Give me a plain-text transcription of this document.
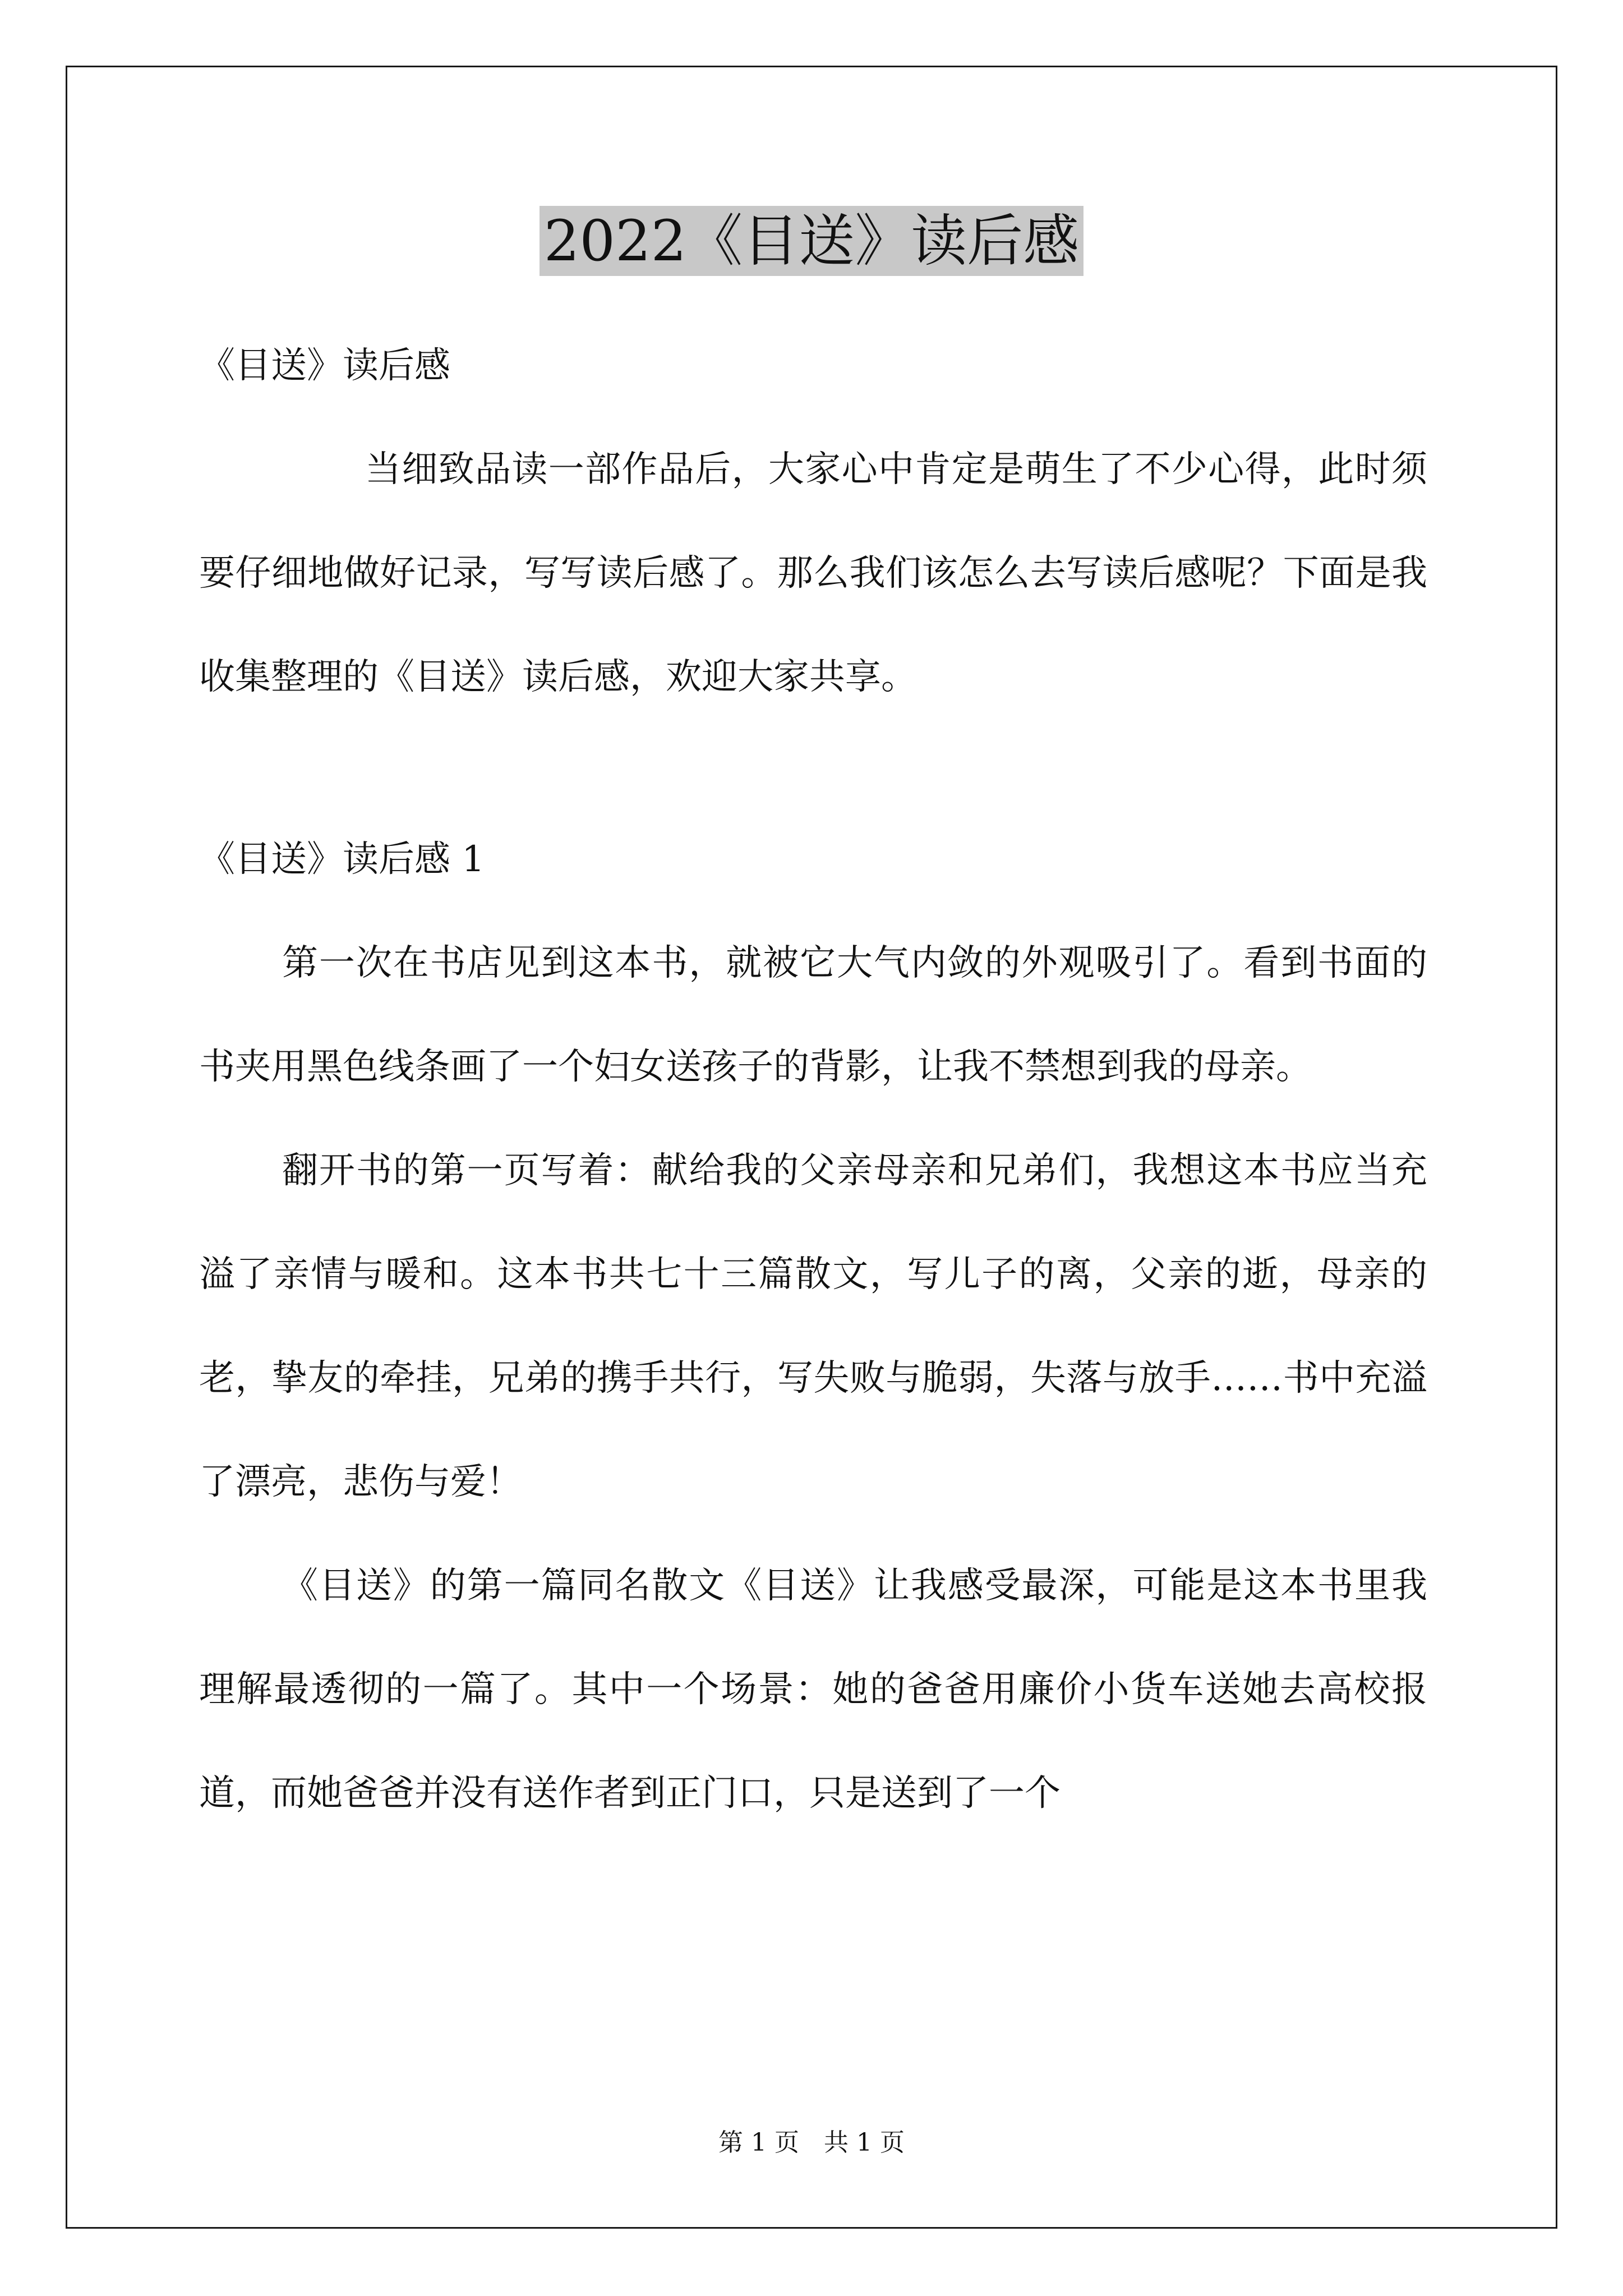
2022《目送》读后感
《目送》读后感

当细致品读一部作品后，大家心中肯定是萌生了不少心得，此时须要仔细地做好记录，写写读后感了。那么我们该怎么去写读后感呢？下面是我收集整理的《目送》读后感，欢迎大家共享。

《目送》读后感 1

第一次在书店见到这本书，就被它大气内敛的外观吸引了。看到书面的书夹用黑色线条画了一个妇女送孩子的背影，让我不禁想到我的母亲。

翻开书的第一页写着：献给我的父亲母亲和兄弟们，我想这本书应当充溢了亲情与暖和。这本书共七十三篇散文，写儿子的离，父亲的逝，母亲的老，挚友的牵挂，兄弟的携手共行，写失败与脆弱，失落与放手……书中充溢了漂亮，悲伤与爱！

《目送》的第一篇同名散文《目送》让我感受最深，可能是这本书里我理解最透彻的一篇了。其中一个场景：她的爸爸用廉价小货车送她去高校报道，而她爸爸并没有送作者到正门口，只是送到了一个

第 1 页　共 1 页
